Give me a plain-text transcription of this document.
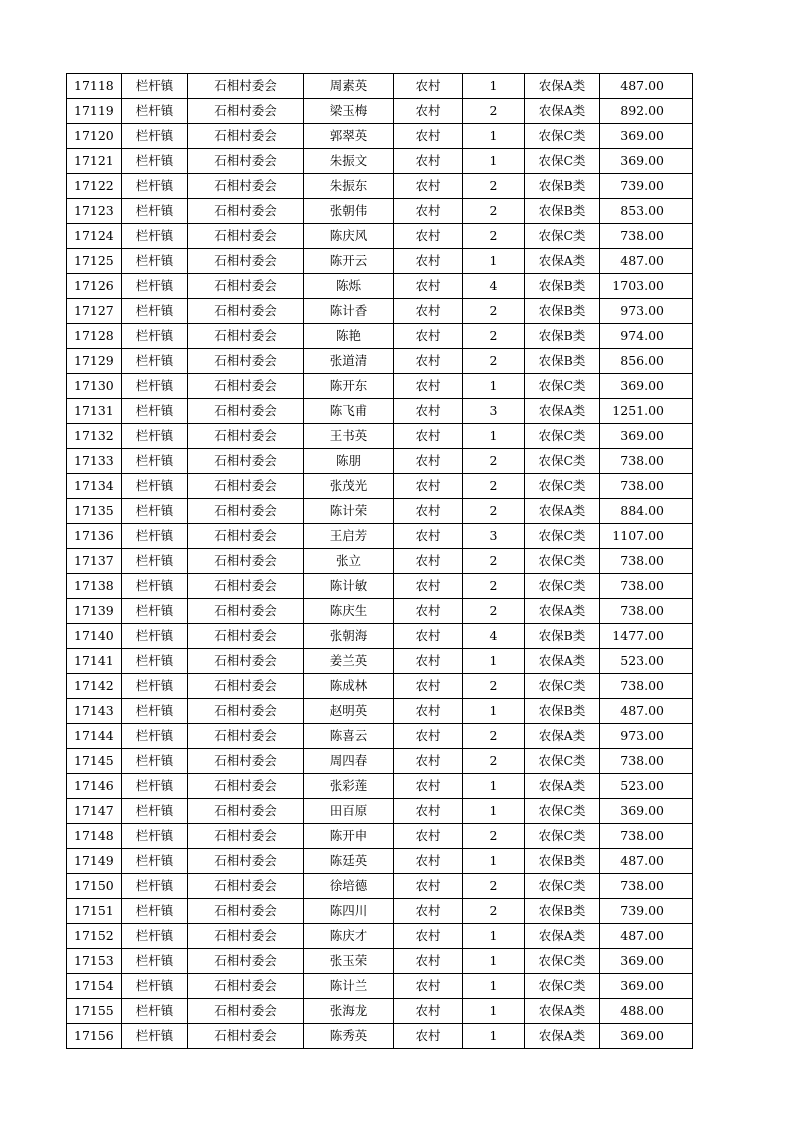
17118	栏杆镇	石相村委会	周素英	农村	1	农保A类	487.00
17119	栏杆镇	石相村委会	梁玉梅	农村	2	农保A类	892.00
17120	栏杆镇	石相村委会	郭翠英	农村	1	农保C类	369.00
17121	栏杆镇	石相村委会	朱振文	农村	1	农保C类	369.00
17122	栏杆镇	石相村委会	朱振东	农村	2	农保B类	739.00
17123	栏杆镇	石相村委会	张朝伟	农村	2	农保B类	853.00
17124	栏杆镇	石相村委会	陈庆风	农村	2	农保C类	738.00
17125	栏杆镇	石相村委会	陈开云	农村	1	农保A类	487.00
17126	栏杆镇	石相村委会	陈烁	农村	4	农保B类	1703.00
17127	栏杆镇	石相村委会	陈计香	农村	2	农保B类	973.00
17128	栏杆镇	石相村委会	陈艳	农村	2	农保B类	974.00
17129	栏杆镇	石相村委会	张道清	农村	2	农保B类	856.00
17130	栏杆镇	石相村委会	陈开东	农村	1	农保C类	369.00
17131	栏杆镇	石相村委会	陈飞甫	农村	3	农保A类	1251.00
17132	栏杆镇	石相村委会	王书英	农村	1	农保C类	369.00
17133	栏杆镇	石相村委会	陈朋	农村	2	农保C类	738.00
17134	栏杆镇	石相村委会	张茂光	农村	2	农保C类	738.00
17135	栏杆镇	石相村委会	陈计荣	农村	2	农保A类	884.00
17136	栏杆镇	石相村委会	王启芳	农村	3	农保C类	1107.00
17137	栏杆镇	石相村委会	张立	农村	2	农保C类	738.00
17138	栏杆镇	石相村委会	陈计敏	农村	2	农保C类	738.00
17139	栏杆镇	石相村委会	陈庆生	农村	2	农保A类	738.00
17140	栏杆镇	石相村委会	张朝海	农村	4	农保B类	1477.00
17141	栏杆镇	石相村委会	姜兰英	农村	1	农保A类	523.00
17142	栏杆镇	石相村委会	陈成林	农村	2	农保C类	738.00
17143	栏杆镇	石相村委会	赵明英	农村	1	农保B类	487.00
17144	栏杆镇	石相村委会	陈喜云	农村	2	农保A类	973.00
17145	栏杆镇	石相村委会	周四春	农村	2	农保C类	738.00
17146	栏杆镇	石相村委会	张彩莲	农村	1	农保A类	523.00
17147	栏杆镇	石相村委会	田百原	农村	1	农保C类	369.00
17148	栏杆镇	石相村委会	陈开申	农村	2	农保C类	738.00
17149	栏杆镇	石相村委会	陈廷英	农村	1	农保B类	487.00
17150	栏杆镇	石相村委会	徐培德	农村	2	农保C类	738.00
17151	栏杆镇	石相村委会	陈四川	农村	2	农保B类	739.00
17152	栏杆镇	石相村委会	陈庆才	农村	1	农保A类	487.00
17153	栏杆镇	石相村委会	张玉荣	农村	1	农保C类	369.00
17154	栏杆镇	石相村委会	陈计兰	农村	1	农保C类	369.00
17155	栏杆镇	石相村委会	张海龙	农村	1	农保A类	488.00
17156	栏杆镇	石相村委会	陈秀英	农村	1	农保A类	369.00
